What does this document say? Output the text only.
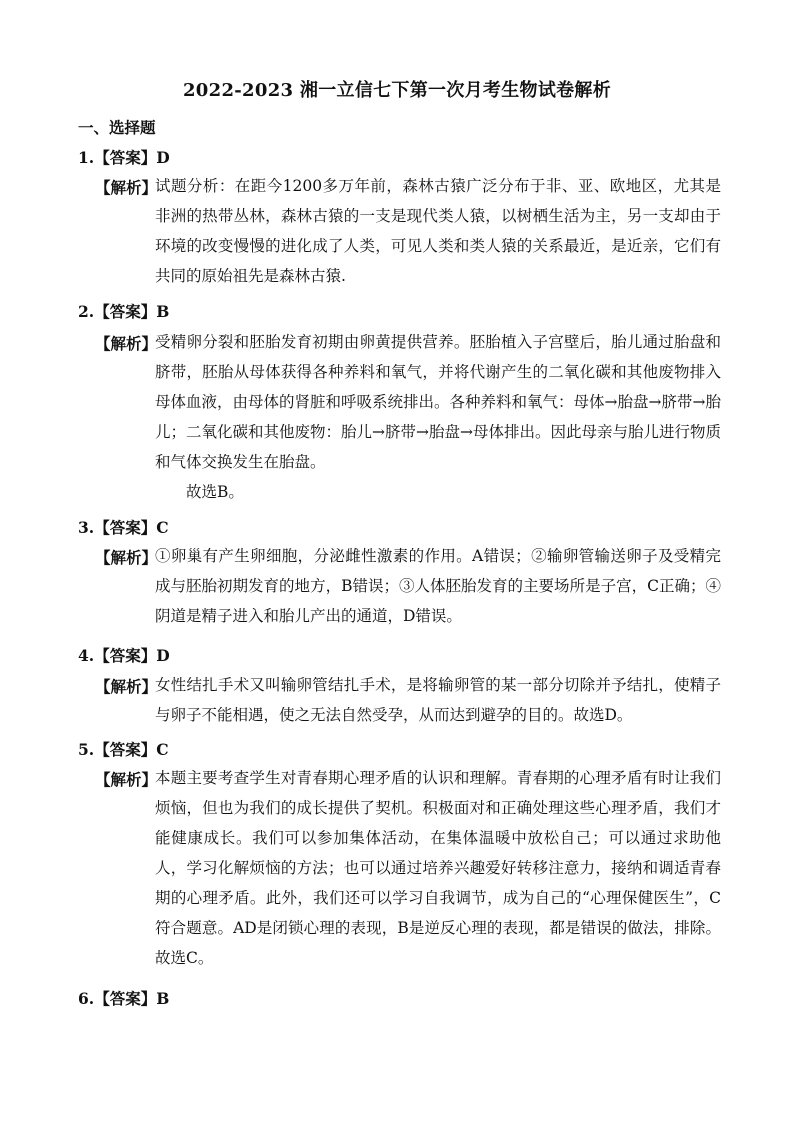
2022-2023 湘一立信七下第一次月考生物试卷解析
一、选择题
1.【答案】D
【解析】

试题分析：在距今1200多万年前，森林古猿广泛分布于非、亚、欧地区，尤其是非洲的热带丛林，森林古猿的一支是现代类人猿，以树栖生活为主，另一支却由于环境的改变慢慢的进化成了人类，可见人类和类人猿的关系最近，是近亲，它们有共同的原始祖先是森林古猿.

2.【答案】B
【解析】

受精卵分裂和胚胎发育初期由卵黄提供营养。胚胎植入子宫壁后，胎儿通过胎盘和脐带，胚胎从母体获得各种养料和氧气，并将代谢产生的二氧化碳和其他废物排入母体血液，由母体的肾脏和呼吸系统排出。各种养料和氧气：母体→胎盘→脐带→胎儿；二氧化碳和其他废物：胎儿→脐带→胎盘→母体排出。因此母亲与胎儿进行物质和气体交换发生在胎盘。

故选B。

3.【答案】C
【解析】

①卵巢有产生卵细胞，分泌雌性激素的作用。A错误；②输卵管输送卵子及受精完成与胚胎初期发育的地方，B错误；③人体胚胎发育的主要场所是子宫，C正确；④阴道是精子进入和胎儿产出的通道，D错误。

4.【答案】D
【解析】

女性结扎手术又叫输卵管结扎手术，是将输卵管的某一部分切除并予结扎，使精子与卵子不能相遇，使之无法自然受孕，从而达到避孕的目的。故选D。

5.【答案】C
【解析】

本题主要考查学生对青春期心理矛盾的认识和理解。青春期的心理矛盾有时让我们烦恼，但也为我们的成长提供了契机。积极面对和正确处理这些心理矛盾，我们才能健康成长。我们可以参加集体活动，在集体温暖中放松自己；可以通过求助他人，学习化解烦恼的方法；也可以通过培养兴趣爱好转移注意力，接纳和调适青春期的心理矛盾。此外，我们还可以学习自我调节，成为自己的“心理保健医生”，C符合题意。AD是闭锁心理的表现，B是逆反心理的表现，都是错误的做法，排除。故选C。

6.【答案】B
